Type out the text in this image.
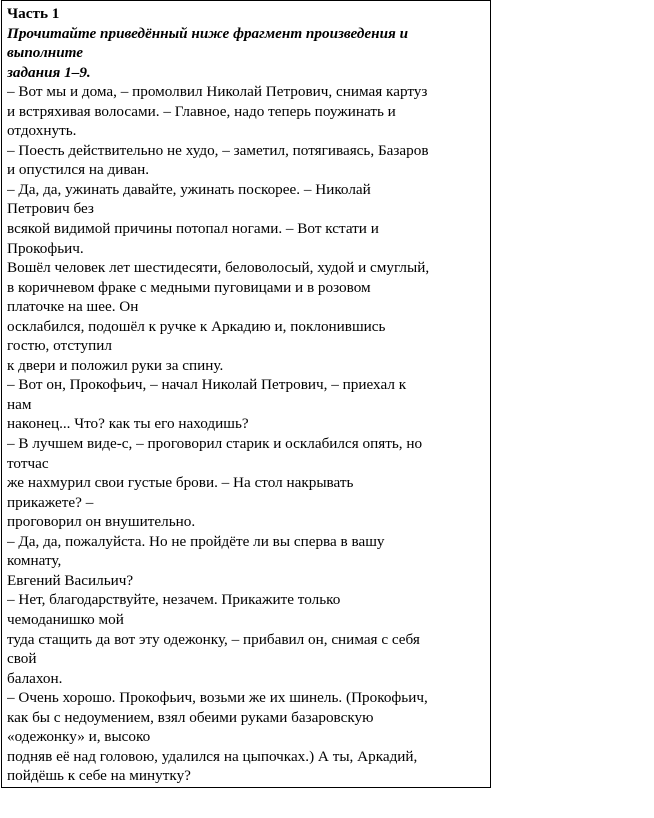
Часть 1
Прочитайте приведённый ниже фрагмент произведения и
выполните
задания 1–9.
– Вот мы и дома, – промолвил Николай Петрович, снимая картуз
и встряхивая волосами. – Главное, надо теперь поужинать и
отдохнуть.
– Поесть действительно не худо, – заметил, потягиваясь, Базаров
и опустился на диван.
– Да, да, ужинать давайте, ужинать поскорее. – Николай
Петрович без
всякой видимой причины потопал ногами. – Вот кстати и
Прокофьич.
Вошёл человек лет шестидесяти, беловолосый, худой и смуглый,
в коричневом фраке с медными пуговицами и в розовом
платочке на шее. Он
осклабился, подошёл к ручке к Аркадию и, поклонившись
гостю, отступил
к двери и положил руки за спину.
– Вот он, Прокофьич, – начал Николай Петрович, – приехал к
нам
наконец... Что? как ты его находишь?
– В лучшем виде-с, – проговорил старик и осклабился опять, но
тотчас
же нахмурил свои густые брови. – На стол накрывать
прикажете? –
проговорил он внушительно.
– Да, да, пожалуйста. Но не пройдёте ли вы сперва в вашу
комнату,
Евгений Васильич?
– Нет, благодарствуйте, незачем. Прикажите только
чемоданишко мой
туда стащить да вот эту одежонку, – прибавил он, снимая с себя
свой
балахон.
– Очень хорошо. Прокофьич, возьми же их шинель. (Прокофьич,
как бы с недоумением, взял обеими руками базаровскую
«одежонку» и, высоко
подняв её над головою, удалился на цыпочках.) А ты, Аркадий,
пойдёшь к себе на минутку?
